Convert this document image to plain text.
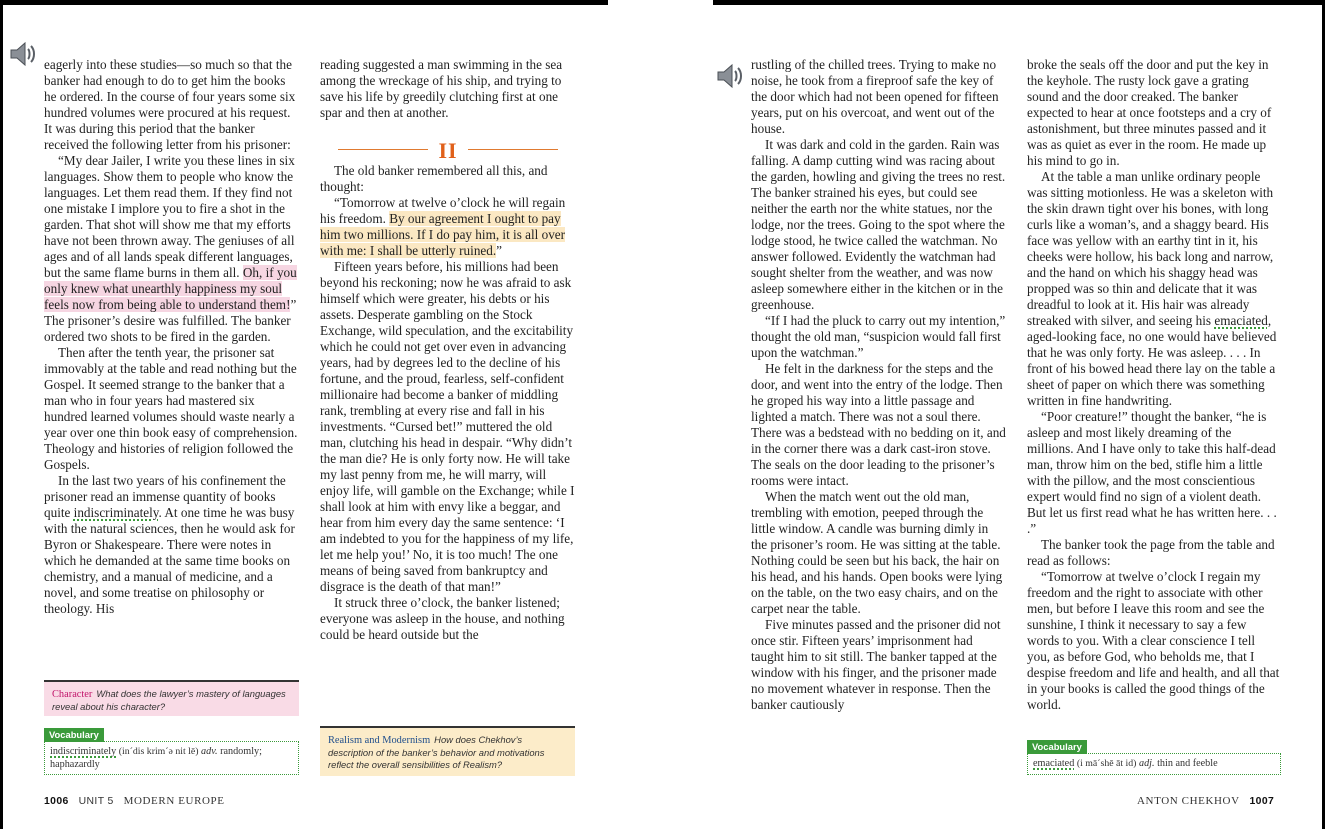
eagerly into these studies—so much so that the banker had enough to do to get him the books he ordered. In the course of four years some six hundred volumes were procured at his request. It was during this period that the banker received the following letter from his prisoner:

“My dear Jailer, I write you these lines in six languages. Show them to people who know the languages. Let them read them. If they find not one mistake I implore you to fire a shot in the garden. That shot will show me that my efforts have not been thrown away. The geniuses of all ages and of all lands speak different languages, but the same flame burns in them all. Oh, if you only knew what unearthly happiness my soul feels now from being able to understand them!” The prisoner’s desire was fulfilled. The banker ordered two shots to be fired in the garden.

Then after the tenth year, the prisoner sat immovably at the table and read nothing but the Gospel. It seemed strange to the banker that a man who in four years had mastered six hundred learned volumes should waste nearly a year over one thin book easy of comprehension. Theology and histories of religion followed the Gospels.

In the last two years of his confinement the prisoner read an immense quantity of books quite indiscriminately. At one time he was busy with the natural sciences, then he would ask for Byron or Shakespeare. There were notes in which he demanded at the same time books on chemistry, and a manual of medicine, and a novel, and some treatise on philosophy or theology. His

Character What does the lawyer’s mastery of languages reveal about his character?
Vocabulary
indiscriminately (in´dis krim´ə nit lē) adv. randomly; haphazardly

reading suggested a man swimming in the sea among the wreckage of his ship, and trying to save his life by greedily clutching first at one spar and then at another.

II

The old banker remembered all this, and thought:

“Tomorrow at twelve o’clock he will regain his freedom. By our agreement I ought to pay him two millions. If I do pay him, it is all over with me: I shall be utterly ruined.”

Fifteen years before, his millions had been beyond his reckoning; now he was afraid to ask himself which were greater, his debts or his assets. Desperate gambling on the Stock Exchange, wild speculation, and the excitability which he could not get over even in advancing years, had by degrees led to the decline of his fortune, and the proud, fearless, self-confident millionaire had become a banker of middling rank, trembling at every rise and fall in his investments. “Cursed bet!” muttered the old man, clutching his head in despair. “Why didn’t the man die? He is only forty now. He will take my last penny from me, he will marry, will enjoy life, will gamble on the Exchange; while I shall look at him with envy like a beggar, and hear from him every day the same sentence: ‘I am indebted to you for the happiness of my life, let me help you!’ No, it is too much! The one means of being saved from bankruptcy and disgrace is the death of that man!”

It struck three o’clock, the banker listened; everyone was asleep in the house, and nothing could be heard outside but the

Realism and Modernism How does Chekhov’s description of the banker’s behavior and motivations reflect the overall sensibilities of Realism?
1006 UNIT 5 MODERN EUROPE

rustling of the chilled trees. Trying to make no noise, he took from a fireproof safe the key of the door which had not been opened for fifteen years, put on his overcoat, and went out of the house.

It was dark and cold in the garden. Rain was falling. A damp cutting wind was racing about the garden, howling and giving the trees no rest. The banker strained his eyes, but could see neither the earth nor the white statues, nor the lodge, nor the trees. Going to the spot where the lodge stood, he twice called the watchman. No answer followed. Evidently the watchman had sought shelter from the weather, and was now asleep somewhere either in the kitchen or in the greenhouse.

“If I had the pluck to carry out my intention,” thought the old man, “suspicion would fall first upon the watchman.”

He felt in the darkness for the steps and the door, and went into the entry of the lodge. Then he groped his way into a little passage and lighted a match. There was not a soul there. There was a bedstead with no bedding on it, and in the corner there was a dark cast-iron stove. The seals on the door leading to the prisoner’s rooms were intact.

When the match went out the old man, trembling with emotion, peeped through the little window. A candle was burning dimly in the prisoner’s room. He was sitting at the table. Nothing could be seen but his back, the hair on his head, and his hands. Open books were lying on the table, on the two easy chairs, and on the carpet near the table.

Five minutes passed and the prisoner did not once stir. Fifteen years’ imprisonment had taught him to sit still. The banker tapped at the window with his finger, and the prisoner made no movement whatever in response. Then the banker cautiously

broke the seals off the door and put the key in the keyhole. The rusty lock gave a grating sound and the door creaked. The banker expected to hear at once footsteps and a cry of astonishment, but three minutes passed and it was as quiet as ever in the room. He made up his mind to go in.

At the table a man unlike ordinary people was sitting motionless. He was a skeleton with the skin drawn tight over his bones, with long curls like a woman’s, and a shaggy beard. His face was yellow with an earthy tint in it, his cheeks were hollow, his back long and narrow, and the hand on which his shaggy head was propped was so thin and delicate that it was dreadful to look at it. His hair was already streaked with silver, and seeing his emaciated, aged-looking face, no one would have believed that he was only forty. He was asleep. . . . In front of his bowed head there lay on the table a sheet of paper on which there was something written in fine handwriting.

“Poor creature!” thought the banker, “he is asleep and most likely dreaming of the millions. And I have only to take this half-dead man, throw him on the bed, stifle him a little with the pillow, and the most conscientious expert would find no sign of a violent death. But let us first read what he has written here. . . .”

The banker took the page from the table and read as follows:

“Tomorrow at twelve o’clock I regain my freedom and the right to associate with other men, but before I leave this room and see the sunshine, I think it necessary to say a few words to you. With a clear conscience I tell you, as before God, who beholds me, that I despise freedom and life and health, and all that in your books is called the good things of the world.

Vocabulary
emaciated (i mā´shē āt id) adj. thin and feeble
ANTON CHEKHOV 1007
